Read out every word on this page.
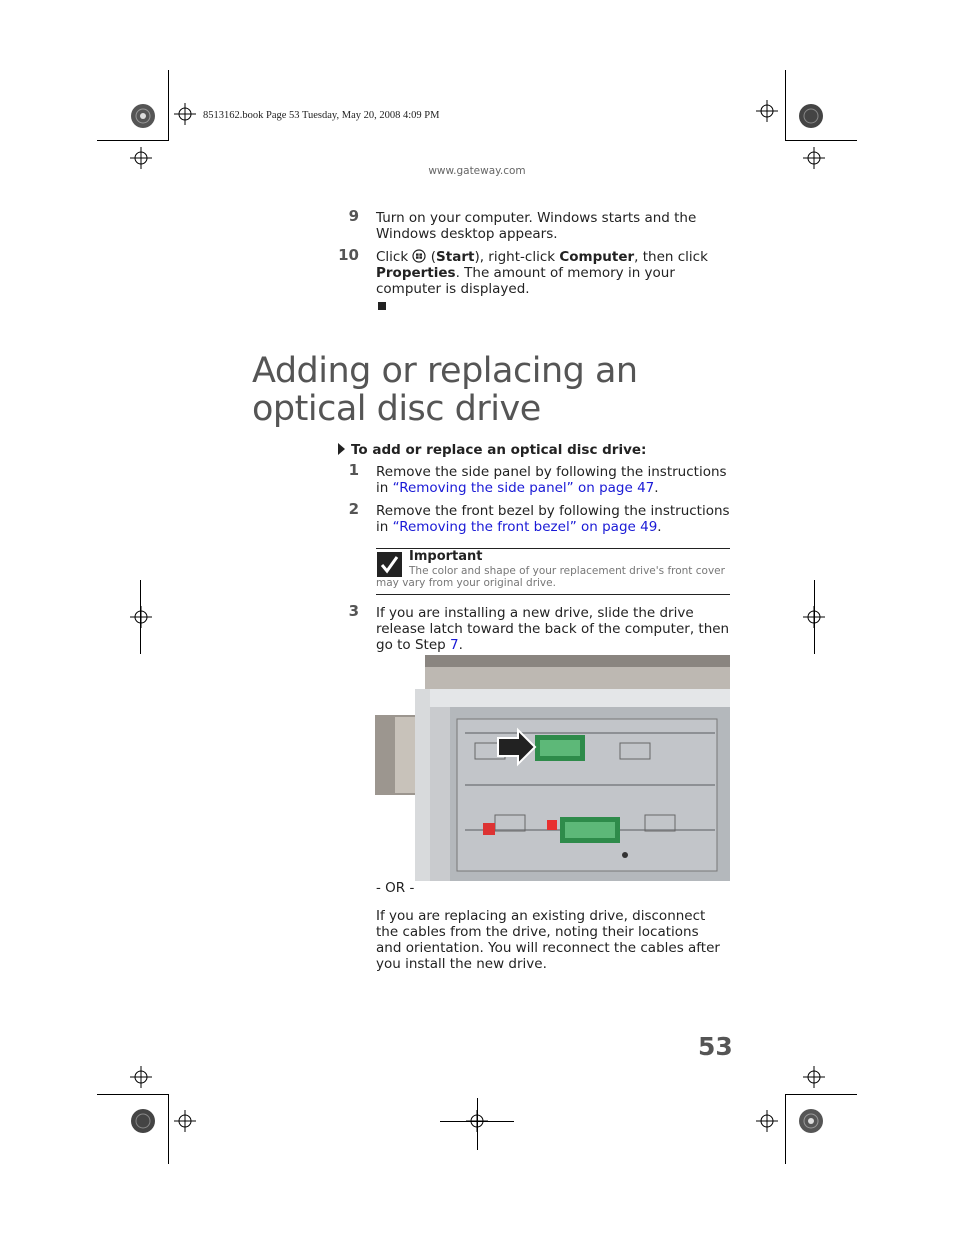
8513162.book Page 53 Tuesday, May 20, 2008 4:09 PM
www.gateway.com
9 Turn on your computer. Windows starts and the Windows desktop appears.
10 Click (Start), right-click Computer, then click Properties. The amount of memory in your computer is displayed.
Adding or replacing an optical disc drive
To add or replace an optical disc drive:
1 Remove the side panel by following the instructions in “Removing the side panel” on page 47.
2 Remove the front bezel by following the instructions in “Removing the front bezel” on page 49.
Important
The color and shape of your replacement drive's front cover may vary from your original drive.
3 If you are installing a new drive, slide the drive release latch toward the back of the computer, then go to Step 7.
- OR -
If you are replacing an existing drive, disconnect the cables from the drive, noting their locations and orientation. You will reconnect the cables after you install the new drive.
53
